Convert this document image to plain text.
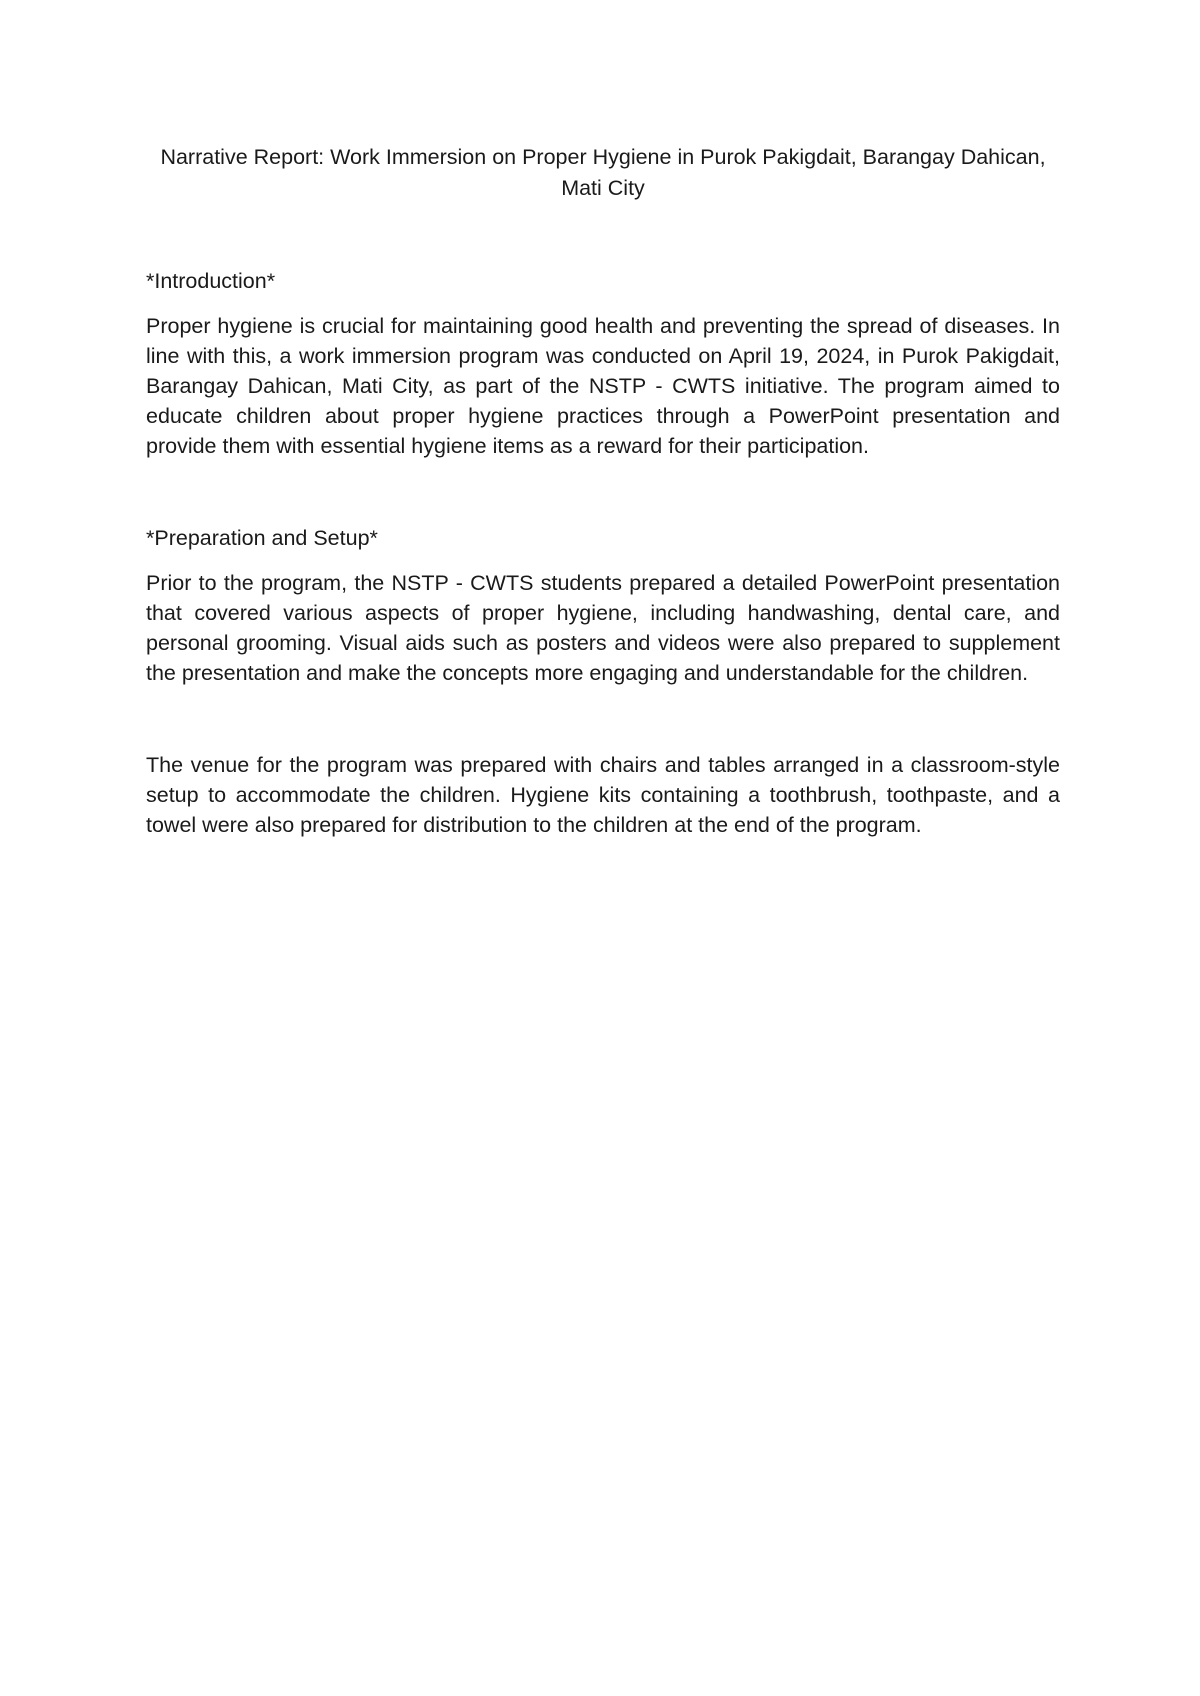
Narrative Report: Work Immersion on Proper Hygiene in Purok Pakigdait, Barangay Dahican, Mati City

*Introduction*

Proper hygiene is crucial for maintaining good health and preventing the spread of diseases. In line with this, a work immersion program was conducted on April 19, 2024, in Purok Pakigdait, Barangay Dahican, Mati City, as part of the NSTP - CWTS initiative. The program aimed to educate children about proper hygiene practices through a PowerPoint presentation and provide them with essential hygiene items as a reward for their participation.

*Preparation and Setup*

Prior to the program, the NSTP - CWTS students prepared a detailed PowerPoint presentation that covered various aspects of proper hygiene, including handwashing, dental care, and personal grooming. Visual aids such as posters and videos were also prepared to supplement the presentation and make the concepts more engaging and understandable for the children.

The venue for the program was prepared with chairs and tables arranged in a classroom-style setup to accommodate the children. Hygiene kits containing a toothbrush, toothpaste, and a towel were also prepared for distribution to the children at the end of the program.
